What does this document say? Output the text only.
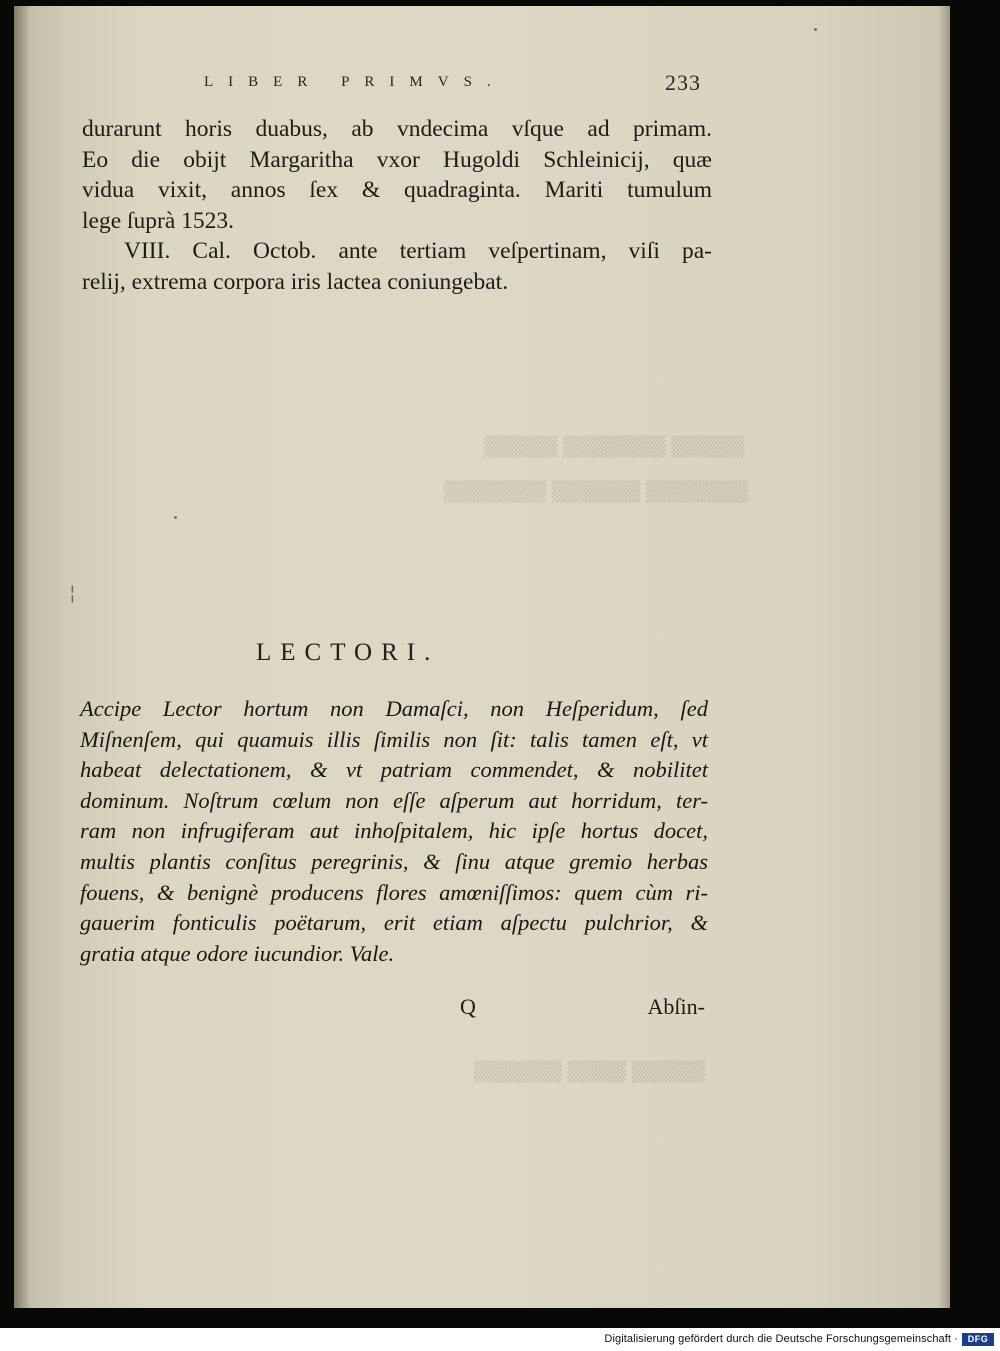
▒▒▒▒▒ ▒▒▒▒▒▒▒ ▒▒▒▒▒
▒▒▒▒▒▒▒ ▒▒▒▒▒▒ ▒▒▒▒▒▒▒
▒▒▒▒▒ ▒▒▒▒ ▒▒▒▒▒▒
LIBER PRIMVS.	233
durarunt horis duabus, ab vndecima vſque ad primam.
Eo die obijt Margaritha vxor Hugoldi Schleinicij, quæ
vidua vixit, annos ſex & quadraginta. Mariti tumulum
lege ſuprà 1523.
VIII. Cal. Octob. ante tertiam veſpertinam, viſi pa-
relij, extrema corpora iris lactea coniungebat.
¦
LECTORI.
Accipe Lector hortum non Damaſci, non Heſperidum, ſed
Miſnenſem, qui quamuis illis ſimilis non ſit: talis tamen eſt, vt
habeat delectationem, & vt patriam commendet, & nobilitet
dominum. Noſtrum cœlum non eſſe aſperum aut horridum, ter-
ram non infrugiferam aut inhoſpitalem, hic ipſe hortus docet,
multis plantis conſitus peregrinis, & ſinu atque gremio herbas
fouens, & benignè producens flores amœniſſimos: quem cùm ri-
gauerim fonticulis poëtarum, erit etiam aſpectu pulchrior, &
gratia atque odore iucundior. Vale.
Q	Abſin-
Digitalisierung gefördert durch die Deutsche Forschungsgemeinschaft ·	DFG
